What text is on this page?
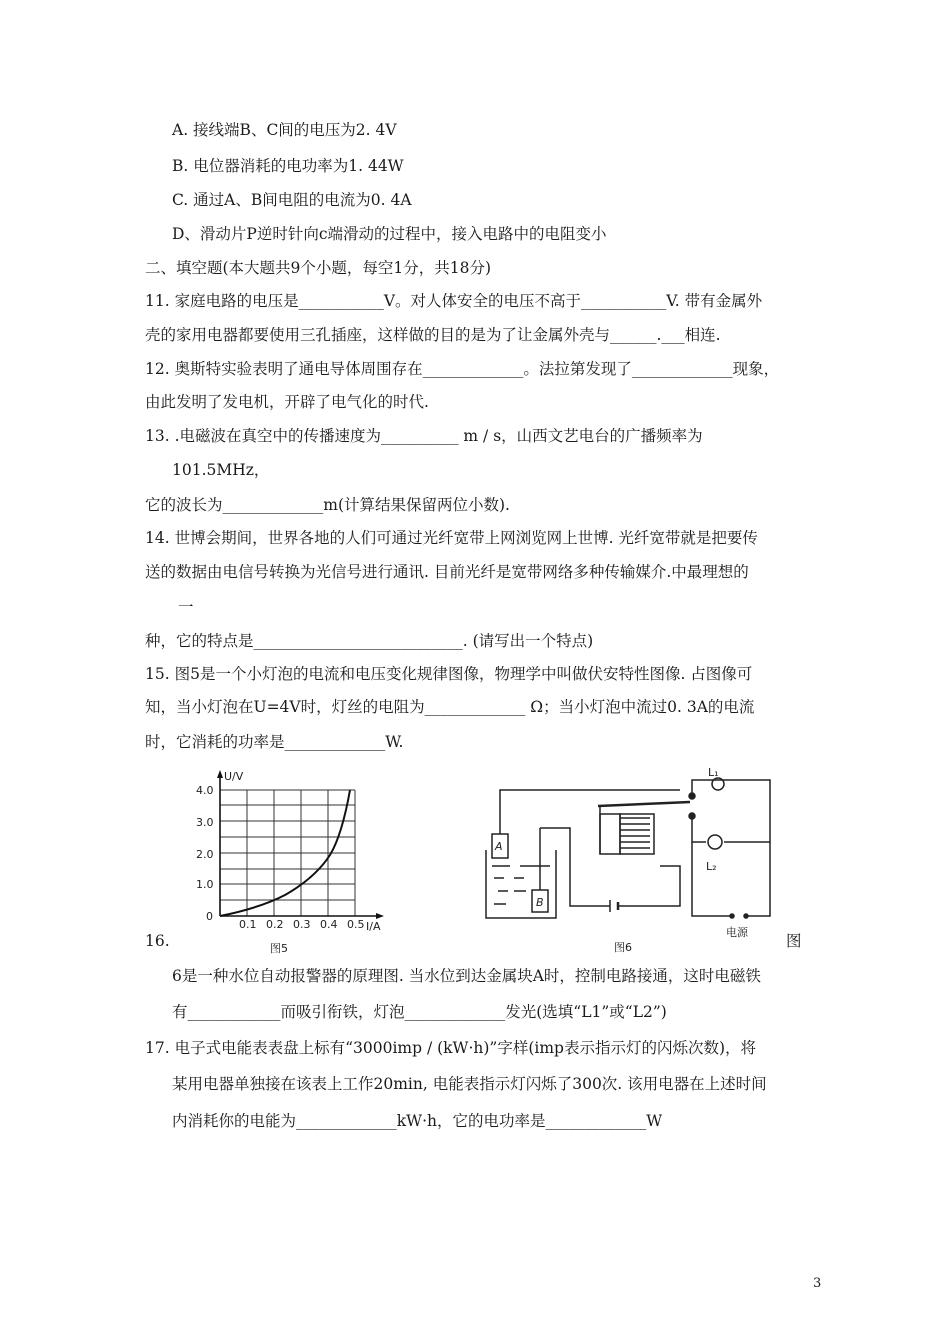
A. 接线端B、C间的电压为2. 4V
B. 电位器消耗的电功率为1. 44W
C. 通过A、B间电阻的电流为0. 4A
D、滑动片P逆时针向c端滑动的过程中，接入电路中的电阻变小
二、填空题(本大题共9个小题，每空1分，共18分)
11. 家庭电路的电压是___________V。对人体安全的电压不高于___________V. 带有金属外
壳的家用电器都要使用三孔插座，这样做的目的是为了让金属外壳与______.___相连.
12. 奥斯特实验表明了通电导体周围存在_____________。法拉第发现了_____________现象，
由此发明了发电机，开辟了电气化的时代.
13. .电磁波在真空中的传播速度为__________ m / s，山西文艺电台的广播频率为
101.5MHz，
它的波长为_____________m(计算结果保留两位小数).
14. 世博会期间，世界各地的人们可通过光纤宽带上网浏览网上世博. 光纤宽带就是把要传
送的数据由电信号转换为光信号进行通讯. 目前光纤是宽带网络多种传输媒介.中最理想的
一
种，它的特点是___________________________. (请写出一个特点)
15. 图5是一个小灯泡的电流和电压变化规律图像，物理学中叫做伏安特性图像. 占图像可
知，当小灯泡在U=4V时，灯丝的电阻为_____________ Ω；当小灯泡中流过0. 3A的电流
时，它消耗的功率是_____________W.
U/V
4.0
3.0
2.0
1.0
0
0.1 0.2 0.3 0.4 0.5 I/A
图5
L₁
L₂
A
B
电源
图6
16.	图
6是一种水位自动报警器的原理图. 当水位到达金属块A时，控制电路接通，这时电磁铁
有____________而吸引衔铁，灯泡_____________发光(选填“L1”或“L2”)
17. 电子式电能表表盘上标有“3000imp / (kW·h)”字样(imp表示指示灯的闪烁次数)，将
某用电器单独接在该表上工作20min, 电能表指示灯闪烁了300次. 该用电器在上述时间
内消耗你的电能为_____________kW·h，它的电功率是_____________W
3
